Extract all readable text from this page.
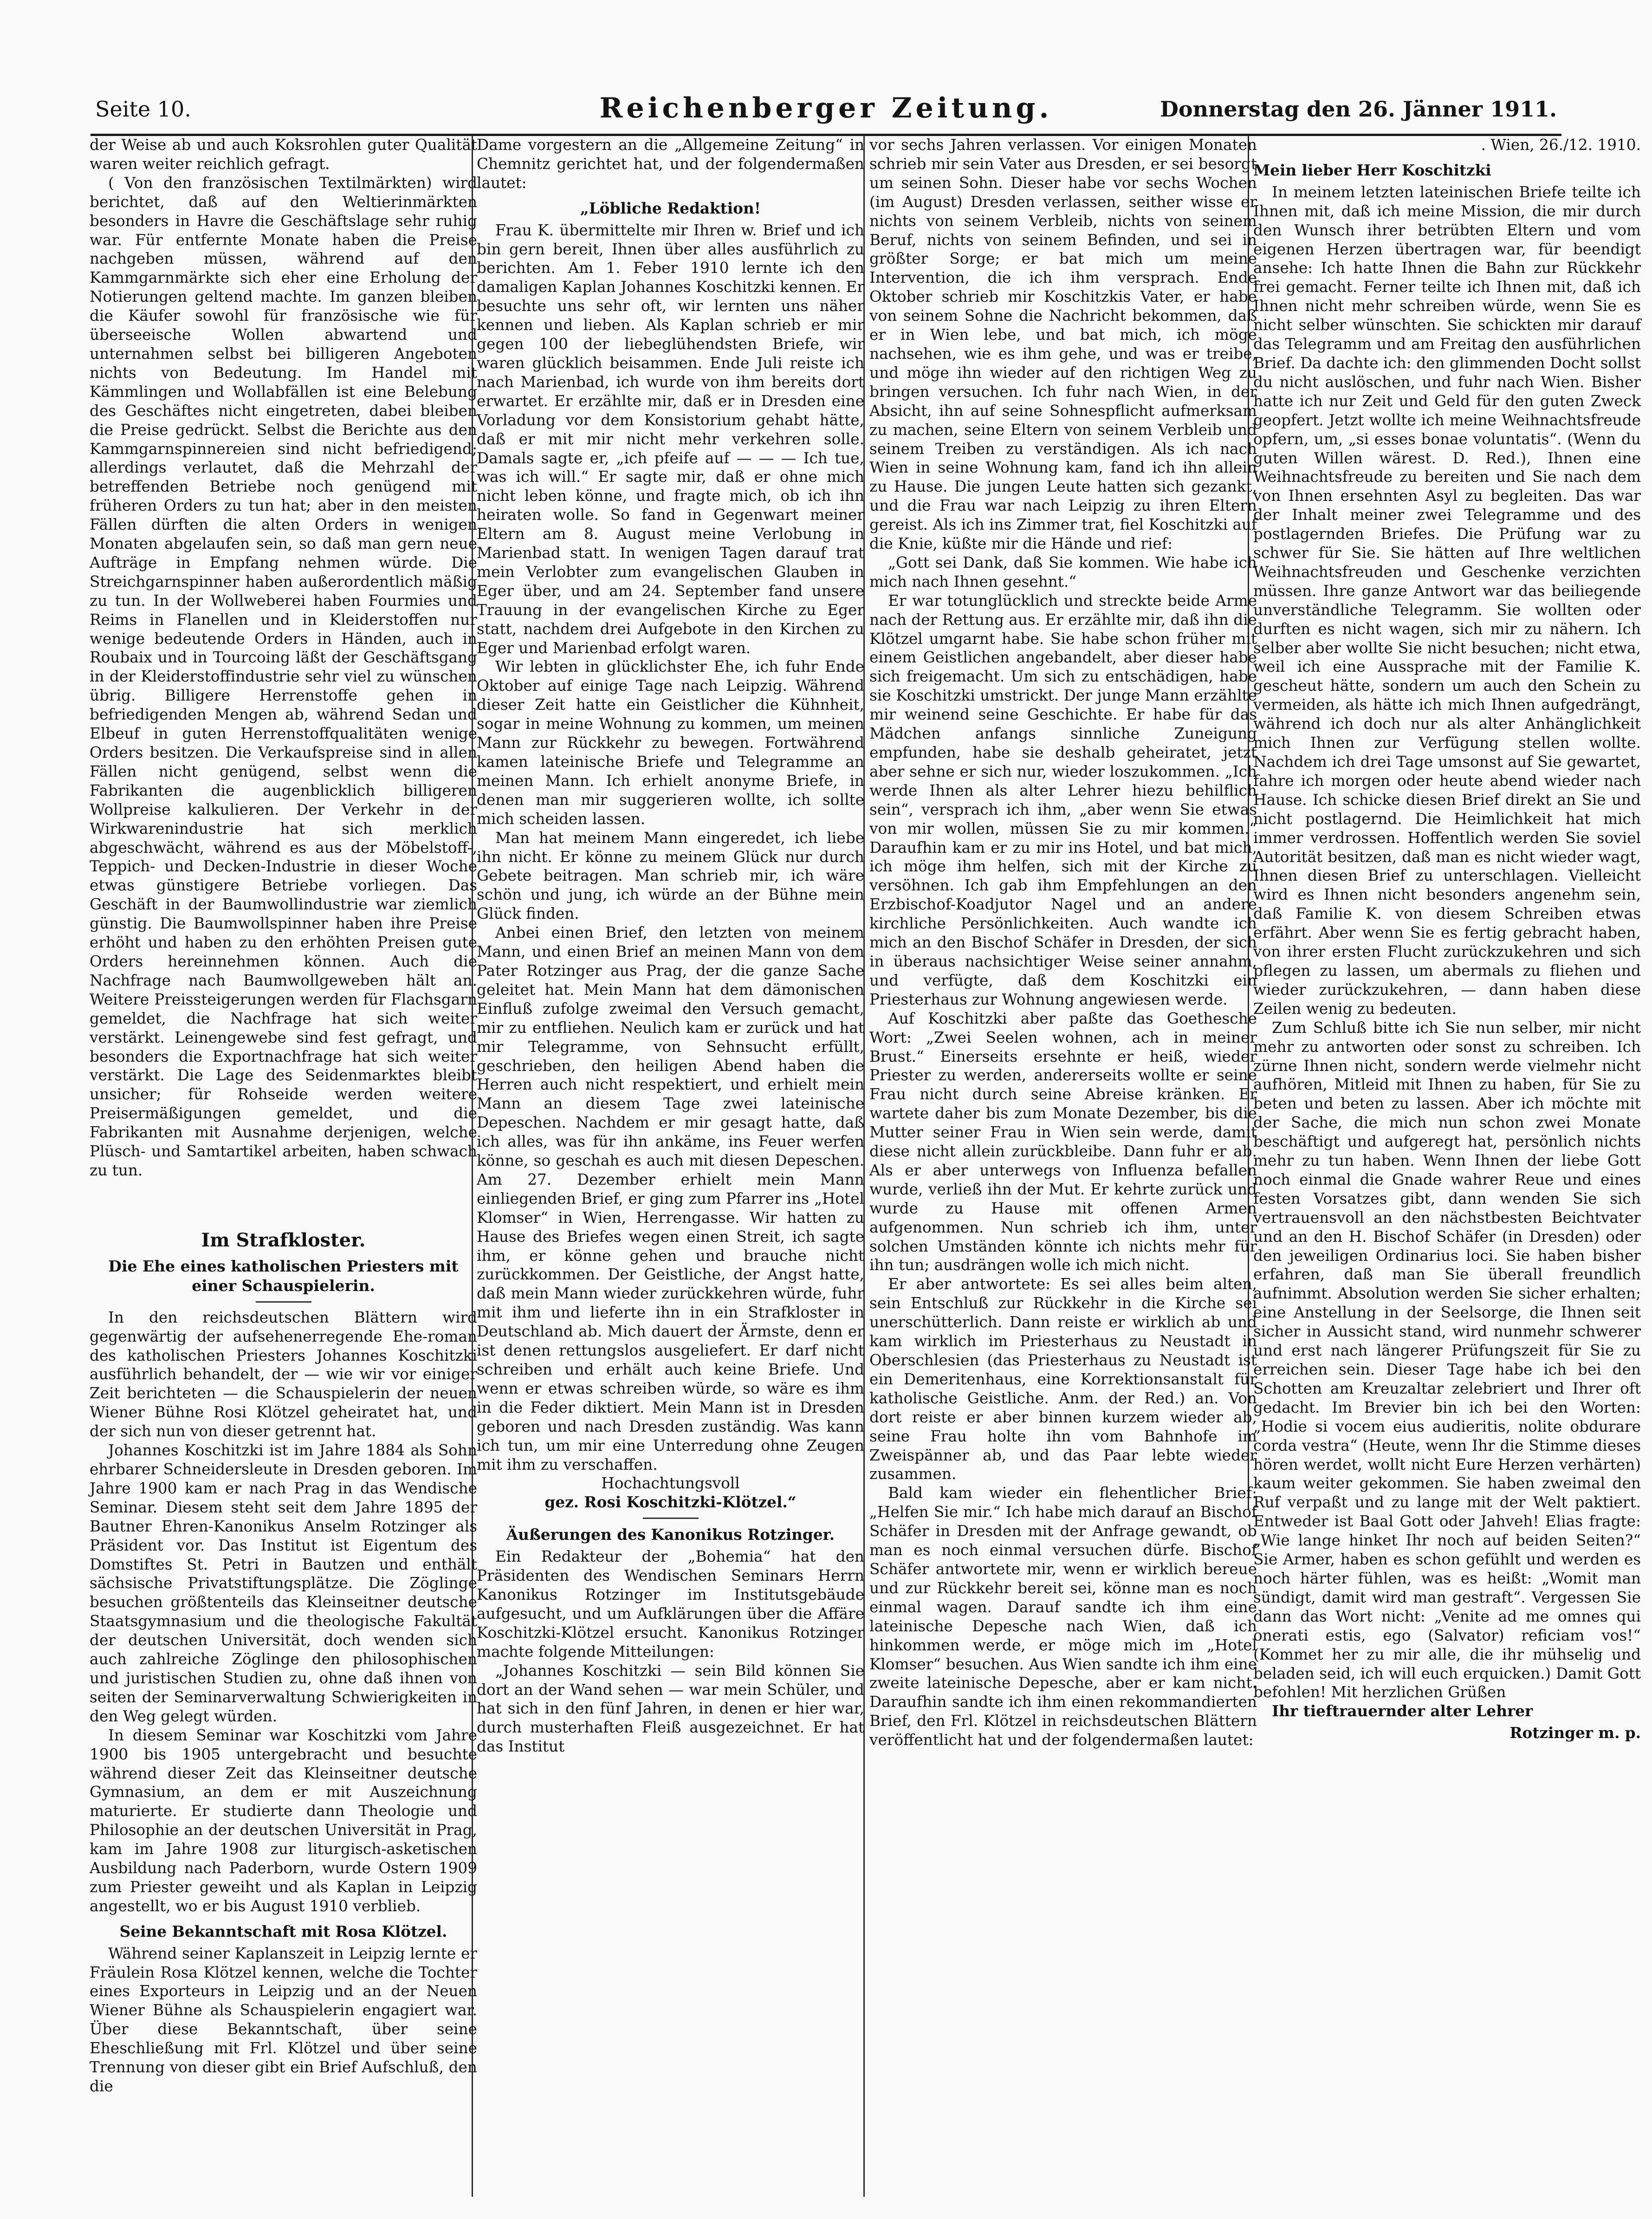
Seite 10.	Reichenberger Zeitung.	Donnerstag den 26. Jänner 1911.

der Weise ab und auch Koksrohlen guter Qualität waren weiter reichlich gefragt.

( Von den französischen Textilmärkten) wird berichtet, daß auf den Weltierinmärkten besonders in Havre die Geschäftslage sehr ruhig war. Für entfernte Monate haben die Preise nachgeben müssen, während auf den Kammgarnmärkte sich eher eine Erholung der Notierungen geltend machte. Im ganzen bleiben die Käufer sowohl für französische wie für überseeische Wollen abwartend und unternahmen selbst bei billigeren Angeboten nichts von Bedeutung. Im Handel mit Kämmlingen und Wollabfällen ist eine Belebung des Geschäftes nicht eingetreten, dabei bleiben die Preise gedrückt. Selbst die Berichte aus den Kammgarnspinnereien sind nicht befriedigend; allerdings verlautet, daß die Mehrzahl der betreffenden Betriebe noch genügend mit früheren Orders zu tun hat; aber in den meisten Fällen dürften die alten Orders in wenigen Monaten abgelaufen sein, so daß man gern neue Aufträge in Empfang nehmen würde. Die Streichgarnspinner haben außerordentlich mäßig zu tun. In der Wollweberei haben Fourmies und Reims in Flanellen und in Kleiderstoffen nur wenige bedeutende Orders in Händen, auch in Roubaix und in Tourcoing läßt der Geschäftsgang in der Kleiderstoffindustrie sehr viel zu wünschen übrig. Billigere Herrenstoffe gehen in befriedigenden Mengen ab, während Sedan und Elbeuf in guten Herrenstoffqualitäten wenige Orders besitzen. Die Verkaufspreise sind in allen Fällen nicht genügend, selbst wenn die Fabrikanten die augenblicklich billigeren Wollpreise kalkulieren. Der Verkehr in der Wirkwarenindustrie hat sich merklich abgeschwächt, während es aus der Möbelstoff-, Teppich- und Decken-Industrie in dieser Woche etwas günstigere Betriebe vorliegen. Das Geschäft in der Baumwollindustrie war ziemlich günstig. Die Baumwollspinner haben ihre Preise erhöht und haben zu den erhöhten Preisen gute Orders hereinnehmen können. Auch die Nachfrage nach Baumwollgeweben hält an. Weitere Preissteigerungen werden für Flachsgarn gemeldet, die Nachfrage hat sich weiter verstärkt. Leinengewebe sind fest gefragt, und besonders die Exportnachfrage hat sich weiter verstärkt. Die Lage des Seidenmarktes bleibt unsicher; für Rohseide werden weitere Preisermäßigungen gemeldet, und die Fabrikanten mit Ausnahme derjenigen, welche Plüsch- und Samtartikel arbeiten, haben schwach zu tun.

Im Strafkloster.
Die Ehe eines katholischen Priesters mit einer Schauspielerin.

In den reichsdeutschen Blättern wird gegenwärtig der aufsehenerregende Ehe-roman des katholischen Priesters Johannes Koschitzki ausführlich behandelt, der — wie wir vor einiger Zeit berichteten — die Schauspielerin der neuen Wiener Bühne Rosi Klötzel geheiratet hat, und der sich nun von dieser getrennt hat.

Johannes Koschitzki ist im Jahre 1884 als Sohn ehrbarer Schneidersleute in Dresden geboren. Im Jahre 1900 kam er nach Prag in das Wendische Seminar. Diesem steht seit dem Jahre 1895 der Bautner Ehren-Kanonikus Anselm Rotzinger als Präsident vor. Das Institut ist Eigentum des Domstiftes St. Petri in Bautzen und enthält sächsische Privatstiftungsplätze. Die Zöglinge besuchen größtenteils das Kleinseitner deutsche Staatsgymnasium und die theologische Fakultät der deutschen Universität, doch wenden sich auch zahlreiche Zöglinge den philosophischen und juristischen Studien zu, ohne daß ihnen von seiten der Seminarverwaltung Schwierigkeiten in den Weg gelegt würden.

In diesem Seminar war Koschitzki vom Jahre 1900 bis 1905 untergebracht und besuchte während dieser Zeit das Kleinseitner deutsche Gymnasium, an dem er mit Auszeichnung maturierte. Er studierte dann Theologie und Philosophie an der deutschen Universität in Prag, kam im Jahre 1908 zur liturgisch-asketischen Ausbildung nach Paderborn, wurde Ostern 1909 zum Priester geweiht und als Kaplan in Leipzig angestellt, wo er bis August 1910 verblieb.

Seine Bekanntschaft mit Rosa Klötzel.

Während seiner Kaplanszeit in Leipzig lernte er Fräulein Rosa Klötzel kennen, welche die Tochter eines Exporteurs in Leipzig und an der Neuen Wiener Bühne als Schauspielerin engagiert war. Über diese Bekanntschaft, über seine Eheschließung mit Frl. Klötzel und über seine Trennung von dieser gibt ein Brief Aufschluß, den die

Dame vorgestern an die „Allgemeine Zeitung“ in Chemnitz gerichtet hat, und der folgendermaßen lautet:

„Löbliche Redaktion!

Frau K. übermittelte mir Ihren w. Brief und ich bin gern bereit, Ihnen über alles ausführlich zu berichten. Am 1. Feber 1910 lernte ich den damaligen Kaplan Johannes Koschitzki kennen. Er besuchte uns sehr oft, wir lernten uns näher kennen und lieben. Als Kaplan schrieb er mir gegen 100 der liebeglühendsten Briefe, wir waren glücklich beisammen. Ende Juli reiste ich nach Marienbad, ich wurde von ihm bereits dort erwartet. Er erzählte mir, daß er in Dresden eine Vorladung vor dem Konsistorium gehabt hätte, daß er mit mir nicht mehr verkehren solle. Damals sagte er, „ich pfeife auf — — — Ich tue, was ich will.“ Er sagte mir, daß er ohne mich nicht leben könne, und fragte mich, ob ich ihn heiraten wolle. So fand in Gegenwart meiner Eltern am 8. August meine Verlobung in Marienbad statt. In wenigen Tagen darauf trat mein Verlobter zum evangelischen Glauben in Eger über, und am 24. September fand unsere Trauung in der evangelischen Kirche zu Eger statt, nachdem drei Aufgebote in den Kirchen zu Eger und Marienbad erfolgt waren.

Wir lebten in glücklichster Ehe, ich fuhr Ende Oktober auf einige Tage nach Leipzig. Während dieser Zeit hatte ein Geistlicher die Kühnheit, sogar in meine Wohnung zu kommen, um meinen Mann zur Rückkehr zu bewegen. Fortwährend kamen lateinische Briefe und Telegramme an meinen Mann. Ich erhielt anonyme Briefe, in denen man mir suggerieren wollte, ich sollte mich scheiden lassen.

Man hat meinem Mann eingeredet, ich liebe ihn nicht. Er könne zu meinem Glück nur durch Gebete beitragen. Man schrieb mir, ich wäre schön und jung, ich würde an der Bühne mein Glück finden.

Anbei einen Brief, den letzten von meinem Mann, und einen Brief an meinen Mann von dem Pater Rotzinger aus Prag, der die ganze Sache geleitet hat. Mein Mann hat dem dämonischen Einfluß zufolge zweimal den Versuch gemacht, mir zu entfliehen. Neulich kam er zurück und hat mir Telegramme, von Sehnsucht erfüllt, geschrieben, den heiligen Abend haben die Herren auch nicht respektiert, und erhielt mein Mann an diesem Tage zwei lateinische Depeschen. Nachdem er mir gesagt hatte, daß ich alles, was für ihn ankäme, ins Feuer werfen könne, so geschah es auch mit diesen Depeschen. Am 27. Dezember erhielt mein Mann einliegenden Brief, er ging zum Pfarrer ins „Hotel Klomser“ in Wien, Herrengasse. Wir hatten zu Hause des Briefes wegen einen Streit, ich sagte ihm, er könne gehen und brauche nicht zurückkommen. Der Geistliche, der Angst hatte, daß mein Mann wieder zurückkehren würde, fuhr mit ihm und lieferte ihn in ein Strafkloster in Deutschland ab. Mich dauert der Ärmste, denn er ist denen rettungslos ausgeliefert. Er darf nicht schreiben und erhält auch keine Briefe. Und wenn er etwas schreiben würde, so wäre es ihm in die Feder diktiert. Mein Mann ist in Dresden geboren und nach Dresden zuständig. Was kann ich tun, um mir eine Unterredung ohne Zeugen mit ihm zu verschaffen.

Hochachtungsvoll
gez. Rosi Koschitzki-Klötzel.“
Äußerungen des Kanonikus Rotzinger.

Ein Redakteur der „Bohemia“ hat den Präsidenten des Wendischen Seminars Herrn Kanonikus Rotzinger im Institutsgebäude aufgesucht, und um Aufklärungen über die Affäre Koschitzki-Klötzel ersucht. Kanonikus Rotzinger machte folgende Mitteilungen:

„Johannes Koschitzki — sein Bild können Sie dort an der Wand sehen — war mein Schüler, und hat sich in den fünf Jahren, in denen er hier war, durch musterhaften Fleiß ausgezeichnet. Er hat das Institut

vor sechs Jahren verlassen. Vor einigen Monaten schrieb mir sein Vater aus Dresden, er sei besorgt um seinen Sohn. Dieser habe vor sechs Wochen (im August) Dresden verlassen, seither wisse er nichts von seinem Verbleib, nichts von seinem Beruf, nichts von seinem Befinden, und sei in größter Sorge; er bat mich um meine Intervention, die ich ihm versprach. Ende Oktober schrieb mir Koschitzkis Vater, er habe von seinem Sohne die Nachricht bekommen, daß er in Wien lebe, und bat mich, ich möge nachsehen, wie es ihm gehe, und was er treibe, und möge ihn wieder auf den richtigen Weg zu bringen versuchen. Ich fuhr nach Wien, in der Absicht, ihn auf seine Sohnespflicht aufmerksam zu machen, seine Eltern von seinem Verbleib und seinem Treiben zu verständigen. Als ich nach Wien in seine Wohnung kam, fand ich ihn allein zu Hause. Die jungen Leute hatten sich gezankt, und die Frau war nach Leipzig zu ihren Eltern gereist. Als ich ins Zimmer trat, fiel Koschitzki auf die Knie, küßte mir die Hände und rief:

„Gott sei Dank, daß Sie kommen. Wie habe ich mich nach Ihnen gesehnt.“

Er war totunglücklich und streckte beide Arme nach der Rettung aus. Er erzählte mir, daß ihn die Klötzel umgarnt habe. Sie habe schon früher mit einem Geistlichen angebandelt, aber dieser habe sich freigemacht. Um sich zu entschädigen, habe sie Koschitzki umstrickt. Der junge Mann erzählte mir weinend seine Geschichte. Er habe für das Mädchen anfangs sinnliche Zuneigung empfunden, habe sie deshalb geheiratet, jetzt aber sehne er sich nur, wieder loszukommen. „Ich werde Ihnen als alter Lehrer hiezu behilflich sein“, versprach ich ihm, „aber wenn Sie etwas von mir wollen, müssen Sie zu mir kommen.“ Daraufhin kam er zu mir ins Hotel, und bat mich, ich möge ihm helfen, sich mit der Kirche zu versöhnen. Ich gab ihm Empfehlungen an den Erzbischof-Koadjutor Nagel und an andere kirchliche Persönlichkeiten. Auch wandte ich mich an den Bischof Schäfer in Dresden, der sich in überaus nachsichtiger Weise seiner annahm, und verfügte, daß dem Koschitzki ein Priesterhaus zur Wohnung angewiesen werde.

Auf Koschitzki aber paßte das Goethesche Wort: „Zwei Seelen wohnen, ach in meiner Brust.“ Einerseits ersehnte er heiß, wieder Priester zu werden, andererseits wollte er seine Frau nicht durch seine Abreise kränken. Er wartete daher bis zum Monate Dezember, bis die Mutter seiner Frau in Wien sein werde, damit diese nicht allein zurückbleibe. Dann fuhr er ab. Als er aber unterwegs von Influenza befallen wurde, verließ ihn der Mut. Er kehrte zurück und wurde zu Hause mit offenen Armen aufgenommen. Nun schrieb ich ihm, unter solchen Umständen könnte ich nichts mehr für ihn tun; ausdrängen wolle ich mich nicht.

Er aber antwortete: Es sei alles beim alten, sein Entschluß zur Rückkehr in die Kirche sei unerschütterlich. Dann reiste er wirklich ab und kam wirklich im Priesterhaus zu Neustadt in Oberschlesien (das Priesterhaus zu Neustadt ist ein Demeritenhaus, eine Korrektionsanstalt für katholische Geistliche. Anm. der Red.) an. Von dort reiste er aber binnen kurzem wieder ab, seine Frau holte ihn vom Bahnhofe im Zweispänner ab, und das Paar lebte wieder zusammen.

Bald kam wieder ein flehentlicher Brief: „Helfen Sie mir.“ Ich habe mich darauf an Bischof Schäfer in Dresden mit der Anfrage gewandt, ob man es noch einmal versuchen dürfe. Bischof Schäfer antwortete mir, wenn er wirklich bereue und zur Rückkehr bereit sei, könne man es noch einmal wagen. Darauf sandte ich ihm eine lateinische Depesche nach Wien, daß ich hinkommen werde, er möge mich im „Hotel Klomser“ besuchen. Aus Wien sandte ich ihm eine zweite lateinische Depesche, aber er kam nicht. Daraufhin sandte ich ihm einen rekommandierten Brief, den Frl. Klötzel in reichsdeutschen Blättern veröffentlicht hat und der folgendermaßen lautet:

. Wien, 26./12. 1910.
Mein lieber Herr Koschitzki

In meinem letzten lateinischen Briefe teilte ich Ihnen mit, daß ich meine Mission, die mir durch den Wunsch ihrer betrübten Eltern und vom eigenen Herzen übertragen war, für beendigt ansehe: Ich hatte Ihnen die Bahn zur Rückkehr frei gemacht. Ferner teilte ich Ihnen mit, daß ich Ihnen nicht mehr schreiben würde, wenn Sie es nicht selber wünschten. Sie schickten mir darauf das Telegramm und am Freitag den ausführlichen Brief. Da dachte ich: den glimmenden Docht sollst du nicht auslöschen, und fuhr nach Wien. Bisher hatte ich nur Zeit und Geld für den guten Zweck geopfert. Jetzt wollte ich meine Weihnachtsfreude opfern, um, „si esses bonae voluntatis“. (Wenn du guten Willen wärest. D. Red.), Ihnen eine Weihnachtsfreude zu bereiten und Sie nach dem von Ihnen ersehnten Asyl zu begleiten. Das war der Inhalt meiner zwei Telegramme und des postlagernden Briefes. Die Prüfung war zu schwer für Sie. Sie hätten auf Ihre weltlichen Weihnachtsfreuden und Geschenke verzichten müssen. Ihre ganze Antwort war das beiliegende unverständliche Telegramm. Sie wollten oder durften es nicht wagen, sich mir zu nähern. Ich selber aber wollte Sie nicht besuchen; nicht etwa, weil ich eine Aussprache mit der Familie K. gescheut hätte, sondern um auch den Schein zu vermeiden, als hätte ich mich Ihnen aufgedrängt, während ich doch nur als alter Anhänglichkeit mich Ihnen zur Verfügung stellen wollte. Nachdem ich drei Tage umsonst auf Sie gewartet, fahre ich morgen oder heute abend wieder nach Hause. Ich schicke diesen Brief direkt an Sie und nicht postlagernd. Die Heimlichkeit hat mich immer verdrossen. Hoffentlich werden Sie soviel Autorität besitzen, daß man es nicht wieder wagt, Ihnen diesen Brief zu unterschlagen. Vielleicht wird es Ihnen nicht besonders angenehm sein, daß Familie K. von diesem Schreiben etwas erfährt. Aber wenn Sie es fertig gebracht haben, von ihrer ersten Flucht zurückzukehren und sich pflegen zu lassen, um abermals zu fliehen und wieder zurückzukehren, — dann haben diese Zeilen wenig zu bedeuten.

Zum Schluß bitte ich Sie nun selber, mir nicht mehr zu antworten oder sonst zu schreiben. Ich zürne Ihnen nicht, sondern werde vielmehr nicht aufhören, Mitleid mit Ihnen zu haben, für Sie zu beten und beten zu lassen. Aber ich möchte mit der Sache, die mich nun schon zwei Monate beschäftigt und aufgeregt hat, persönlich nichts mehr zu tun haben. Wenn Ihnen der liebe Gott noch einmal die Gnade wahrer Reue und eines festen Vorsatzes gibt, dann wenden Sie sich vertrauensvoll an den nächstbesten Beichtvater und an den H. Bischof Schäfer (in Dresden) oder den jeweiligen Ordinarius loci. Sie haben bisher erfahren, daß man Sie überall freundlich aufnimmt. Absolution werden Sie sicher erhalten; eine Anstellung in der Seelsorge, die Ihnen seit sicher in Aussicht stand, wird nunmehr schwerer und erst nach längerer Prüfungszeit für Sie zu erreichen sein. Dieser Tage habe ich bei den Schotten am Kreuzaltar zelebriert und Ihrer oft gedacht. Im Brevier bin ich bei den Worten: „Hodie si vocem eius audieritis, nolite obdurare corda vestra“ (Heute, wenn Ihr die Stimme dieses hören werdet, wollt nicht Eure Herzen verhärten) kaum weiter gekommen. Sie haben zweimal den Ruf verpaßt und zu lange mit der Welt paktiert. Entweder ist Baal Gott oder Jahveh! Elias fragte: „Wie lange hinket Ihr noch auf beiden Seiten?“ Sie Armer, haben es schon gefühlt und werden es noch härter fühlen, was es heißt: „Womit man sündigt, damit wird man gestraft“. Vergessen Sie dann das Wort nicht: „Venite ad me omnes qui onerati estis, ego (Salvator) reficiam vos!“ (Kommet her zu mir alle, die ihr mühselig und beladen seid, ich will euch erquicken.) Damit Gott befohlen! Mit herzlichen Grüßen

Ihr tieftrauernder alter Lehrer

Rotzinger m. p.
